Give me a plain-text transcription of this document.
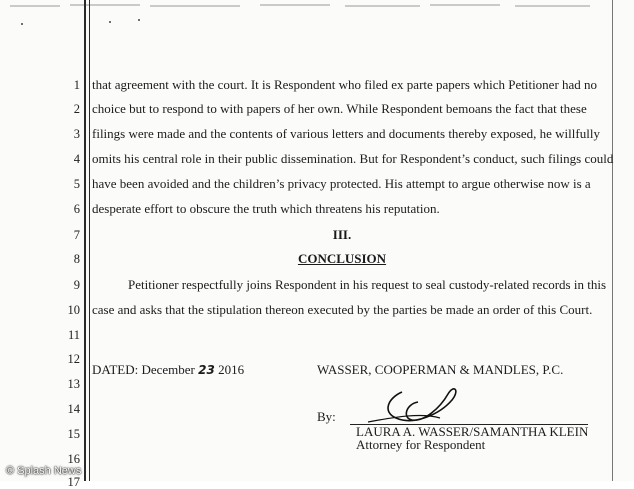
1
2
3
4
5
6
7
8
9
10
11
12
13
14
15
16
17
that agreement with the court. It is Respondent who filed ex parte papers which Petitioner had no
choice but to respond to with papers of her own. While Respondent bemoans the fact that these
filings were made and the contents of various letters and documents thereby exposed, he willfully
omits his central role in their public dissemination. But for Respondent’s conduct, such filings could
have been avoided and the children’s privacy protected. His attempt to argue otherwise now is a
desperate effort to obscure the truth which threatens his reputation.
III.
CONCLUSION
Petitioner respectfully joins Respondent in his request to seal custody-related records in this
case and asks that the stipulation thereon executed by the parties be made an order of this Court.
DATED: December 23 2016	WASSER, COOPERMAN & MANDLES, P.C.
By:
LAURA A. WASSER/SAMANTHA KLEIN
Attorney for Respondent
© Splash News
